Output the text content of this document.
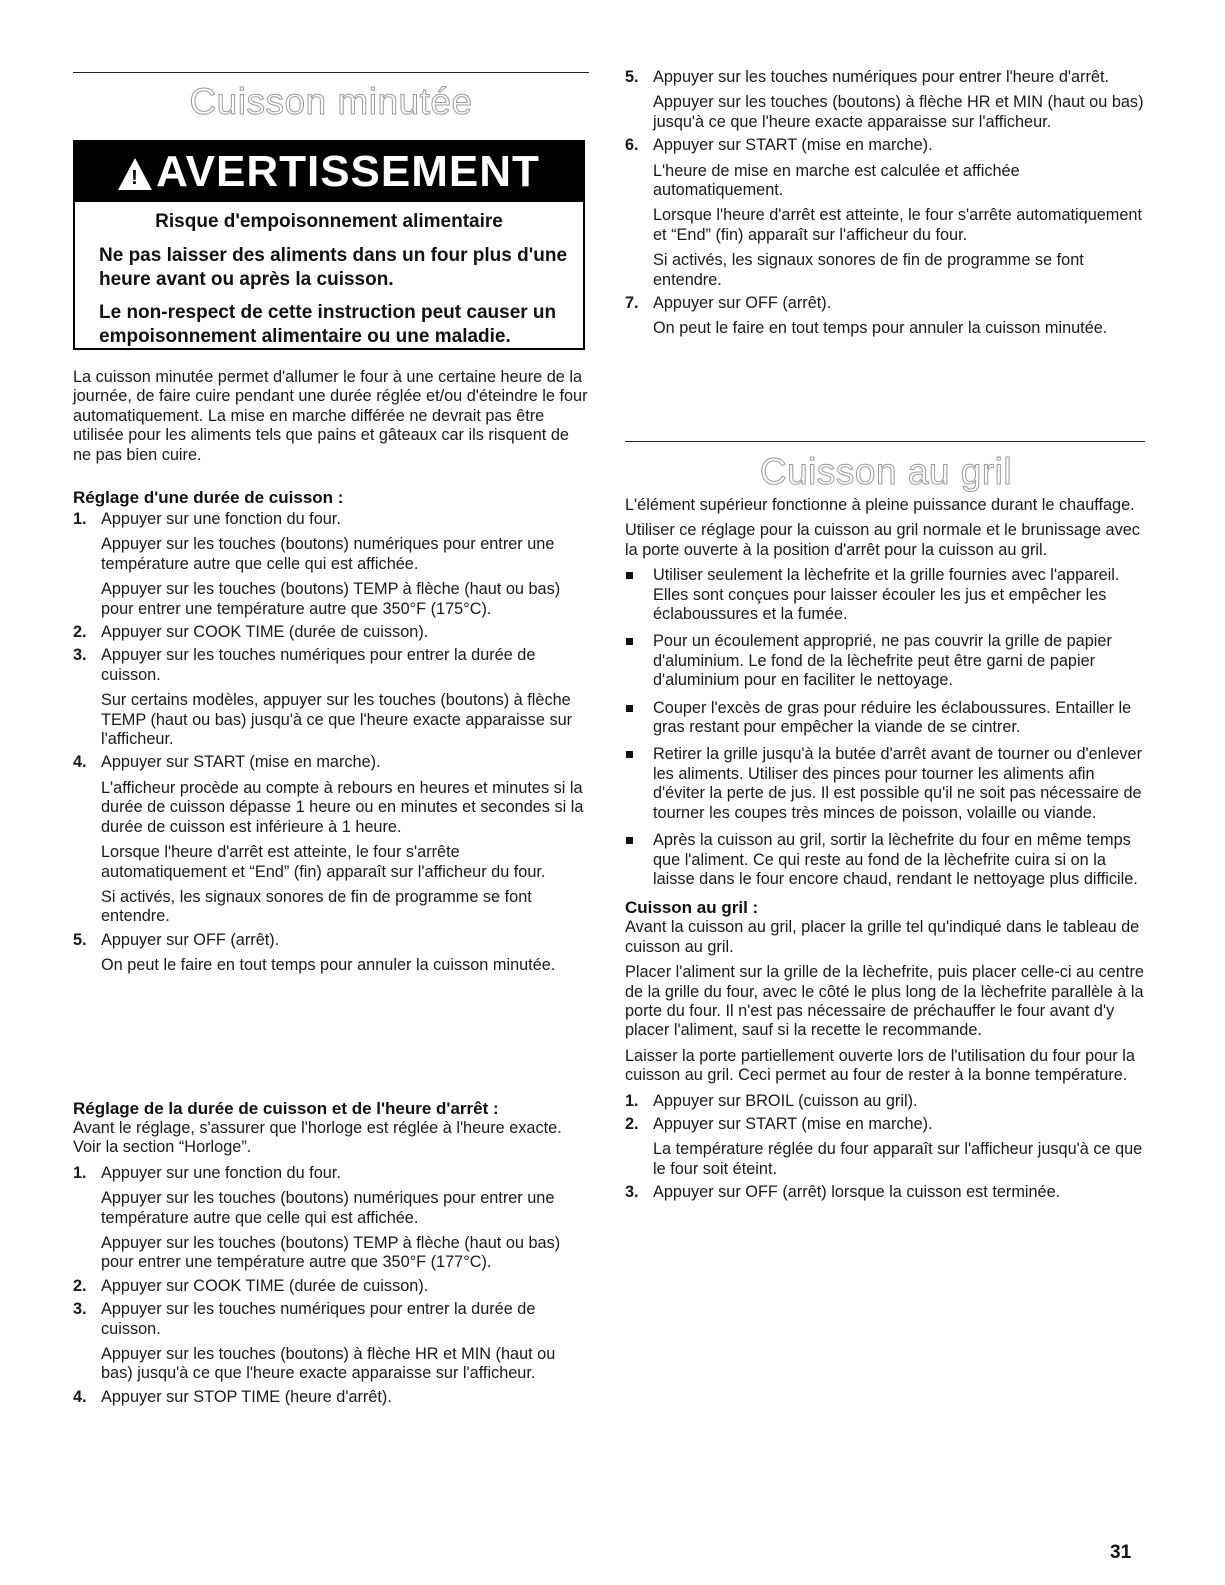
Cuisson minutée
!AVERTISSEMENT

Risque d'empoisonnement alimentaire

Ne pas laisser des aliments dans un four plus d'une heure avant ou après la cuisson.

Le non-respect de cette instruction peut causer un empoisonnement alimentaire ou une maladie.

La cuisson minutée permet d'allumer le four à une certaine heure de la journée, de faire cuire pendant une durée réglée et/ou d'éteindre le four automatiquement. La mise en marche différée ne devrait pas être utilisée pour les aliments tels que pains et gâteaux car ils risquent de ne pas bien cuire.

Réglage d'une durée de cuisson :
1. Appuyer sur une fonction du four.

Appuyer sur les touches (boutons) numériques pour entrer une température autre que celle qui est affichée.

Appuyer sur les touches (boutons) TEMP à flèche (haut ou bas) pour entrer une température autre que 350°F (175°C).

2. Appuyer sur COOK TIME (durée de cuisson).

3. Appuyer sur les touches numériques pour entrer la durée de cuisson.

Sur certains modèles, appuyer sur les touches (boutons) à flèche TEMP (haut ou bas) jusqu'à ce que l'heure exacte apparaisse sur l'afficheur.

4. Appuyer sur START (mise en marche).

L'afficheur procède au compte à rebours en heures et minutes si la durée de cuisson dépasse 1 heure ou en minutes et secondes si la durée de cuisson est inférieure à 1 heure.

Lorsque l'heure d'arrêt est atteinte, le four s'arrête automatiquement et “End” (fin) apparaît sur l'afficheur du four.

Si activés, les signaux sonores de fin de programme se font entendre.

5. Appuyer sur OFF (arrêt).

On peut le faire en tout temps pour annuler la cuisson minutée.

Réglage de la durée de cuisson et de l'heure d'arrêt :

Avant le réglage, s'assurer que l'horloge est réglée à l'heure exacte. Voir la section “Horloge”.

1. Appuyer sur une fonction du four.

Appuyer sur les touches (boutons) numériques pour entrer une température autre que celle qui est affichée.

Appuyer sur les touches (boutons) TEMP à flèche (haut ou bas) pour entrer une température autre que 350°F (177°C).

2. Appuyer sur COOK TIME (durée de cuisson).

3. Appuyer sur les touches numériques pour entrer la durée de cuisson.

Appuyer sur les touches (boutons) à flèche HR et MIN (haut ou bas) jusqu'à ce que l'heure exacte apparaisse sur l'afficheur.

4. Appuyer sur STOP TIME (heure d'arrêt).

5. Appuyer sur les touches numériques pour entrer l'heure d'arrêt.

Appuyer sur les touches (boutons) à flèche HR et MIN (haut ou bas) jusqu'à ce que l'heure exacte apparaisse sur l'afficheur.

6. Appuyer sur START (mise en marche).

L'heure de mise en marche est calculée et affichée automatiquement.

Lorsque l'heure d'arrêt est atteinte, le four s'arrête automatiquement et “End” (fin) apparaît sur l'afficheur du four.

Si activés, les signaux sonores de fin de programme se font entendre.

7. Appuyer sur OFF (arrêt).

On peut le faire en tout temps pour annuler la cuisson minutée.

Cuisson au gril

L'élément supérieur fonctionne à pleine puissance durant le chauffage.

Utiliser ce réglage pour la cuisson au gril normale et le brunissage avec la porte ouverte à la position d'arrêt pour la cuisson au gril.

Utiliser seulement la lèchefrite et la grille fournies avec l'appareil. Elles sont conçues pour laisser écouler les jus et empêcher les éclaboussures et la fumée.

Pour un écoulement approprié, ne pas couvrir la grille de papier d'aluminium. Le fond de la lèchefrite peut être garni de papier d'aluminium pour en faciliter le nettoyage.

Couper l'excès de gras pour réduire les éclaboussures. Entailler le gras restant pour empêcher la viande de se cintrer.

Retirer la grille jusqu'à la butée d'arrêt avant de tourner ou d'enlever les aliments. Utiliser des pinces pour tourner les aliments afin d'éviter la perte de jus. Il est possible qu'il ne soit pas nécessaire de tourner les coupes très minces de poisson, volaille ou viande.

Après la cuisson au gril, sortir la lèchefrite du four en même temps que l'aliment. Ce qui reste au fond de la lèchefrite cuira si on la laisse dans le four encore chaud, rendant le nettoyage plus difficile.

Cuisson au gril :

Avant la cuisson au gril, placer la grille tel qu'indiqué dans le tableau de cuisson au gril.

Placer l'aliment sur la grille de la lèchefrite, puis placer celle-ci au centre de la grille du four, avec le côté le plus long de la lèchefrite parallèle à la porte du four. Il n'est pas nécessaire de préchauffer le four avant d'y placer l'aliment, sauf si la recette le recommande.

Laisser la porte partiellement ouverte lors de l'utilisation du four pour la cuisson au gril. Ceci permet au four de rester à la bonne température.

1. Appuyer sur BROIL (cuisson au gril).

2. Appuyer sur START (mise en marche).

La température réglée du four apparaît sur l'afficheur jusqu'à ce que le four soit éteint.

3. Appuyer sur OFF (arrêt) lorsque la cuisson est terminée.

31
